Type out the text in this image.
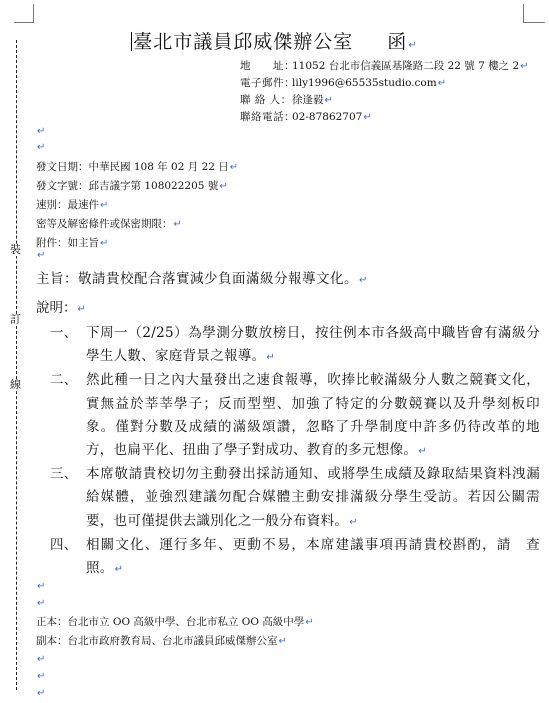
裝
訂
線
臺北市議員邱威傑辦公室 函↵
地　　址：11052 台北市信義區基隆路二段 22 號 7 樓之 2↵
電子郵件：lily1996@65535studio.com↵
聯 絡 人：徐逢毅↵
聯絡電話：02-87862707↵
↵
↵
發文日期：中華民國 108 年 02 月 22 日↵
發文字號：邱吉議字第 108022205 號↵
速別：最速件↵
密等及解密條件或保密期限：↵
附件：如主旨↵
↵
主旨：敬請貴校配合落實減少負面滿級分報導文化。↵
說明：↵
一、 下周一（2/25）為學測分數放榜日，按往例本市各級高中職皆會有滿級分學生人數、家庭背景之報導。↵
二、 然此種一日之內大量發出之速食報導，吹捧比較滿級分人數之競賽文化，實無益於莘莘學子；反而型塑、加強了特定的分數競賽以及升學刻板印象。僅對分數及成績的滿級頌讚，忽略了升學制度中許多仍待改革的地方，也扁平化、扭曲了學子對成功、教育的多元想像。↵
三、 本席敬請貴校切勿主動發出採訪通知、或將學生成績及錄取結果資料洩漏給媒體，並強烈建議勿配合媒體主動安排滿級分學生受訪。若因公關需要，也可僅提供去識別化之一般分布資料。↵
四、 相關文化、運行多年、更動不易，本席建議事項再請貴校斟酌，請　查照。↵
↵
↵
正本：台北市立 OO 高級中學、台北市私立 OO 高級中學↵
副本：台北市政府教育局、台北市議員邱威傑辦公室↵
↵
↵
↵
